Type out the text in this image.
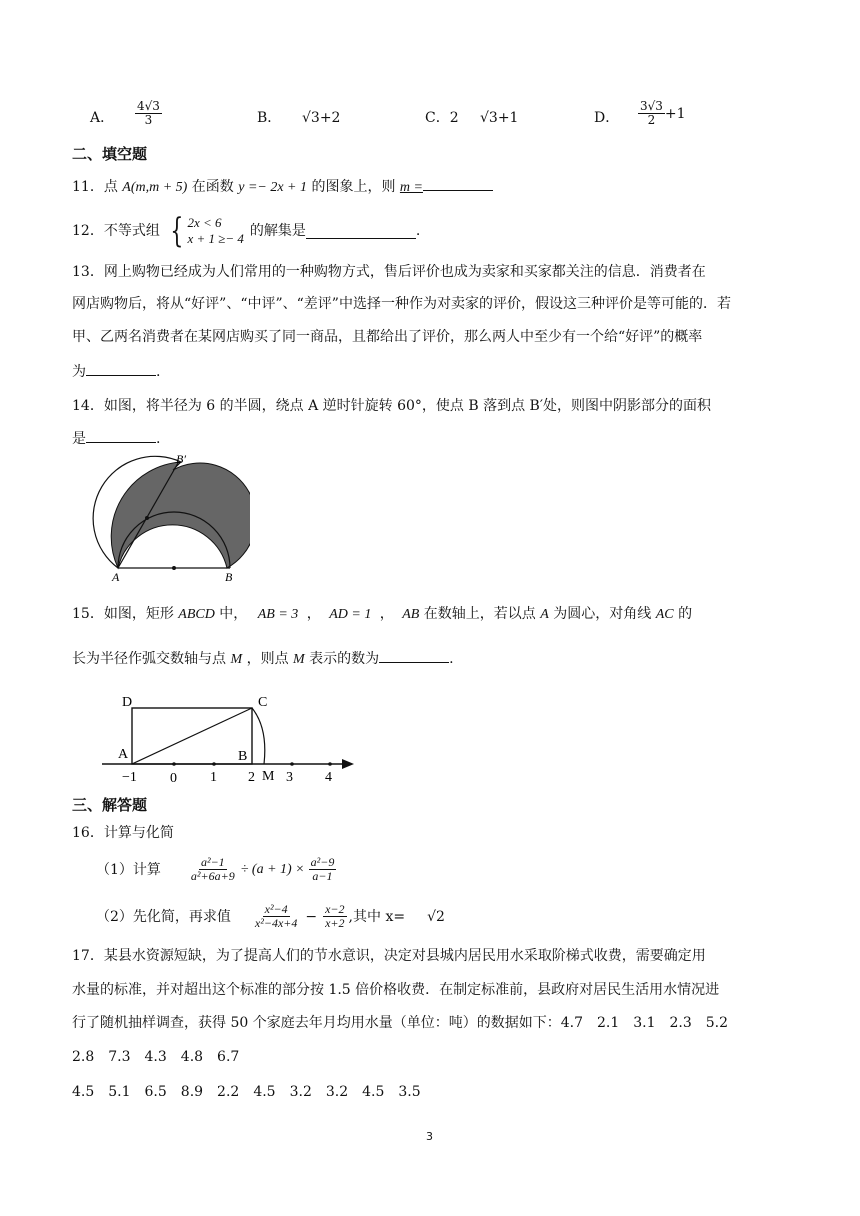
A． $\frac{4√3}{3}$	B． √3+2	C．2 √3+1	D． $\frac{3√3}{2} +1$
二、填空题
11．点 A(m,m + 5) 在函数 y =− 2x + 1 的图象上，则 m =
12．不等式组 { 2x < 6
x + 1 ≥− 4 的解集是	.
13．网上购物已经成为人们常用的一种购物方式，售后评价也成为卖家和买家都关注的信息．消费者在
网店购物后，将从“好评”、“中评”、“差评”中选择一种作为对卖家的评价，假设这三种评价是等可能的．若
甲、乙两名消费者在某网店购买了同一商品，且都给出了评价，那么两人中至少有一个给“好评”的概率
为	.
14．如图，将半径为 6 的半圆，绕点 A 逆时针旋转 60°，使点 B 落到点 B′处，则图中阴影部分的面积
是	.
A	B
B′
15．如图，矩形 ABCD 中， AB = 3 ， AD = 1 ， AB 在数轴上，若以点 A 为圆心，对角线 AC 的
长为半径作弧交数轴与点 M ，则点 M 表示的数为	.
D	C
A	B
M
−1 0 1 2 3 4
三、解答题
16．计算与化简
（1）计算 $\frac{\text{a²−1}}{\text{a²+6a+9}} \div (a + 1) \times \frac{\text{a²−9}}{a-1}$
（2）先化简，再求值 $\frac{\text{x²−4}}{\text{x²−4x+4}} - \frac{x-2}{x+2}$ ,其中 x= √2
17．某县水资源短缺，为了提高人们的节水意识，决定对县城内居民用水采取阶梯式收费，需要确定用
水量的标准，并对超出这个标准的部分按 1.5 倍价格收费．在制定标准前，县政府对居民生活用水情况进
行了随机抽样调查，获得 50 个家庭去年月均用水量（单位：吨）的数据如下：4.7　2.1　3.1　2.3　5.2
2.8　7.3　4.3　4.8　6.7
4.5　5.1　6.5　8.9　2.2　4.5　3.2　3.2　4.5　3.5
3
